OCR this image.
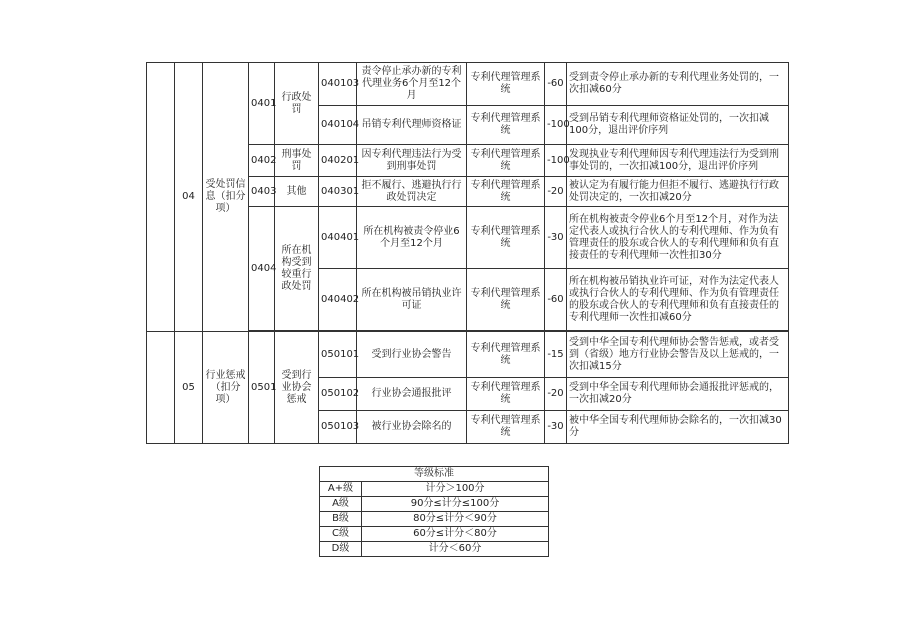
	04	受处罚信息（扣分项）	0401	行政处罚	040103	责令停止承办新的专利代理业务6个月至12个月	专利代理管理系统	-60	受到责令停止承办新的专利代理业务处罚的，一次扣减60分
					040104	吊销专利代理师资格证	专利代理管理系统	-100	受到吊销专利代理师资格证处罚的，一次扣减100分，退出评价序列
			0402	刑事处罚	040201	因专利代理违法行为受到刑事处罚	专利代理管理系统	-100	发现执业专利代理师因专利代理违法行为受到刑事处罚的，一次扣减100分，退出评价序列
			0403	其他	040301	拒不履行、逃避执行行政处罚决定	专利代理管理系统	-20	被认定为有履行能力但拒不履行、逃避执行行政处罚决定的，一次扣减20分
			0404	所在机构受到较重行政处罚	040401	所在机构被责令停业6个月至12个月	专利代理管理系统	-30	所在机构被责令停业6个月至12个月，对作为法定代表人或执行合伙人的专利代理师、作为负有管理责任的股东或合伙人的专利代理师和负有直接责任的专利代理师一次性扣30分
					040402	所在机构被吊销执业许可证	专利代理管理系统	-60	所在机构被吊销执业许可证，对作为法定代表人或执行合伙人的专利代理师、作为负有管理责任的股东或合伙人的专利代理师和负有直接责任的专利代理师一次性扣减60分

	05	行业惩戒（扣分项）	0501	受到行业协会惩戒	050101	受到行业协会警告	专利代理管理系统	-15	受到中华全国专利代理师协会警告惩戒，或者受到（省级）地方行业协会警告及以上惩戒的，一次扣减15分
					050102	行业协会通报批评	专利代理管理系统	-20	受到中华全国专利代理师协会通报批评惩戒的，一次扣减20分
					050103	被行业协会除名的	专利代理管理系统	-30	被中华全国专利代理师协会除名的，一次扣减30分
等级标准	
A+级	计分＞100分
A级	90分≤计分≤100分
B级	80分≤计分＜90分
C级	60分≤计分＜80分
D级	计分＜60分
